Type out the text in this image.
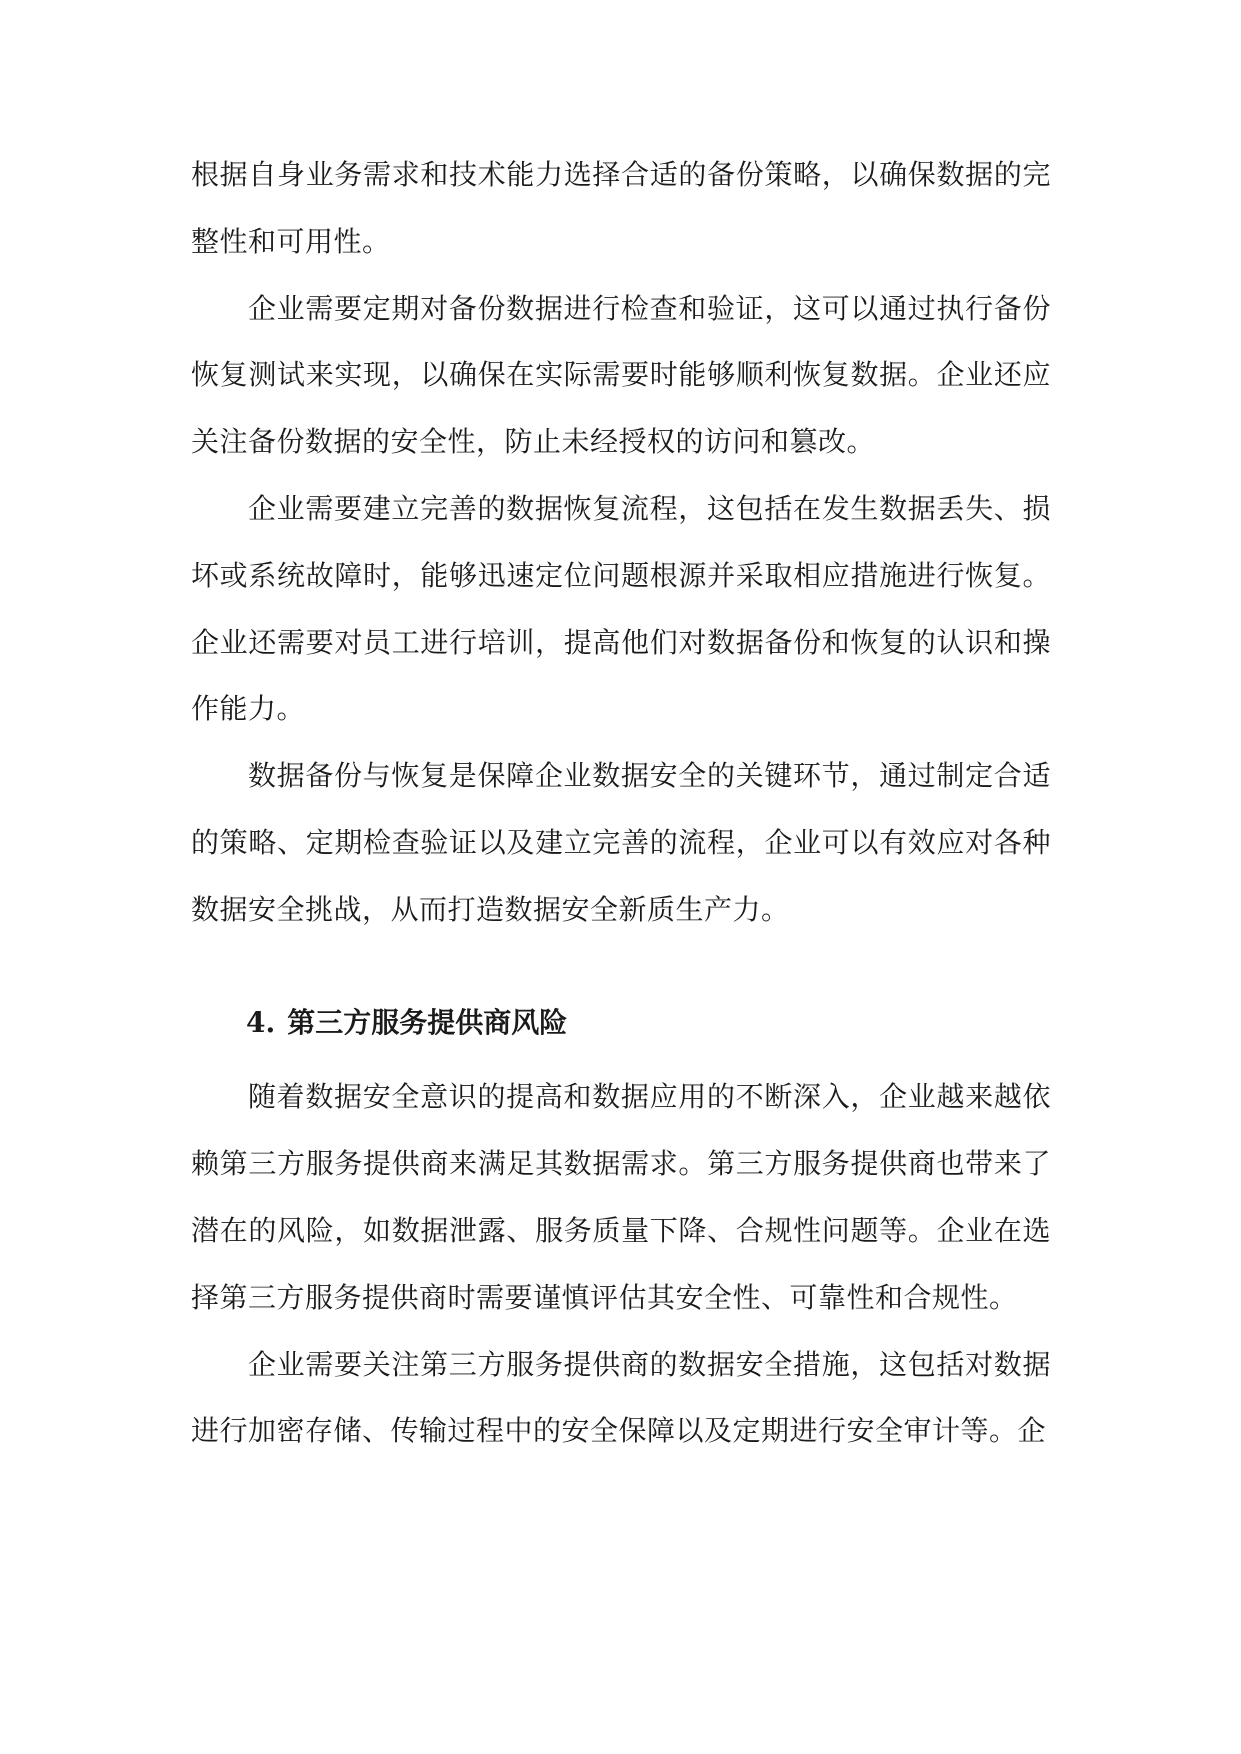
根据自身业务需求和技术能力选择合适的备份策略，以确保数据的完整性和可用性。

企业需要定期对备份数据进行检查和验证，这可以通过执行备份恢复测试来实现，以确保在实际需要时能够顺利恢复数据。企业还应关注备份数据的安全性，防止未经授权的访问和篡改。

企业需要建立完善的数据恢复流程，这包括在发生数据丢失、损坏或系统故障时，能够迅速定位问题根源并采取相应措施进行恢复。企业还需要对员工进行培训，提高他们对数据备份和恢复的认识和操作能力。

数据备份与恢复是保障企业数据安全的关键环节，通过制定合适的策略、定期检查验证以及建立完善的流程，企业可以有效应对各种数据安全挑战，从而打造数据安全新质生产力。

4. 第三方服务提供商风险

随着数据安全意识的提高和数据应用的不断深入，企业越来越依赖第三方服务提供商来满足其数据需求。第三方服务提供商也带来了潜在的风险，如数据泄露、服务质量下降、合规性问题等。企业在选择第三方服务提供商时需要谨慎评估其安全性、可靠性和合规性。

企业需要关注第三方服务提供商的数据安全措施，这包括对数据进行加密存储、传输过程中的安全保障以及定期进行安全审计等。企
